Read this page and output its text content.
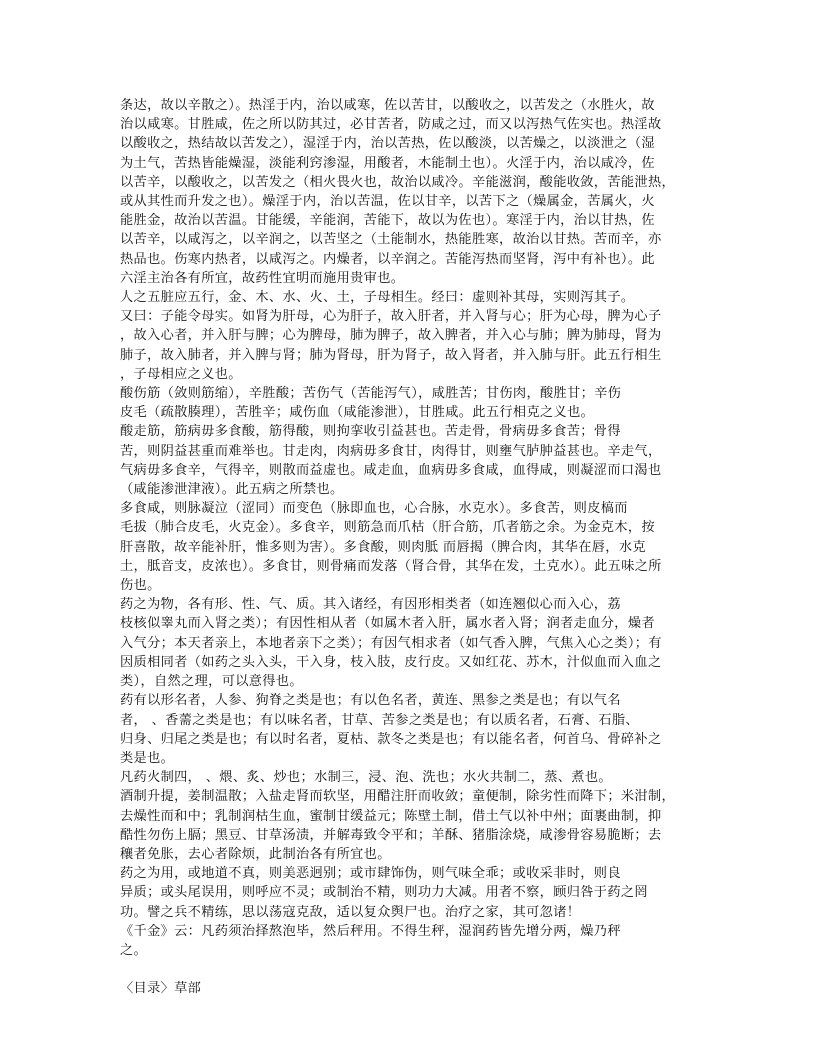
条达，故以辛散之）。热淫于内，治以咸寒，佐以苦甘，以酸收之，以苦发之（水胜火，故
治以咸寒。甘胜咸，佐之所以防其过，必甘苦者，防咸之过，而又以泻热气佐实也。热淫故
以酸收之，热结故以苦发之），湿淫于内，治以苦热，佐以酸淡，以苦燥之，以淡泄之（湿
为土气，苦热皆能燥湿，淡能利窍渗湿，用酸者，木能制土也）。火淫于内，治以咸冷，佐
以苦辛，以酸收之，以苦发之（相火畏火也，故治以咸冷。辛能滋润，酸能收敛，苦能泄热，
或从其性而升发之也）。燥淫于内，治以苦温，佐以甘辛，以苦下之（燥属金，苦属火，火
能胜金，故治以苦温。甘能缓，辛能润，苦能下，故以为佐也）。寒淫于内，治以甘热，佐
以苦辛，以咸泻之，以辛润之，以苦坚之（土能制水，热能胜寒，故治以甘热。苦而辛，亦
热品也。伤寒内热者，以咸泻之。内燥者，以辛润之。苦能泻热而坚肾，泻中有补也）。此
六淫主治各有所宜，故药性宜明而施用贵审也。
人之五脏应五行，金、木、水、火、土，子母相生。经曰：虚则补其母，实则泻其子。
又曰：子能令母实。如肾为肝母，心为肝子，故入肝者，并入肾与心；肝为心母，脾为心子
，故入心者，并入肝与脾；心为脾母，肺为脾子，故入脾者，并入心与肺；脾为肺母，肾为
肺子，故入肺者，并入脾与肾；肺为肾母，肝为肾子，故入肾者，并入肺与肝。此五行相生
，子母相应之义也。
酸伤筋（敛则筋缩），辛胜酸；苦伤气（苦能泻气），咸胜苦；甘伤肉，酸胜甘；辛伤
皮毛（疏散腠理），苦胜辛；咸伤血（咸能渗泄），甘胜咸。此五行相克之义也。
酸走筋，筋病毋多食酸，筋得酸，则拘挛收引益甚也。苦走骨，骨病毋多食苦；骨得
苦，则阴益甚重而难举也。甘走肉，肉病毋多食甘，肉得甘，则壅气胪肿益甚也。辛走气，
气病毋多食辛，气得辛，则散而益虚也。咸走血，血病毋多食咸，血得咸，则凝涩而口渴也
（咸能渗泄津液）。此五病之所禁也。
多食咸，则脉凝泣（涩同）而变色（脉即血也，心合脉，水克水）。多食苦，则皮槁而
毛拔（肺合皮毛，火克金）。多食辛，则筋急而爪枯（肝合筋，爪者筋之余。为金克木，按
肝喜散，故辛能补肝，惟多则为害）。多食酸，则肉胝 而唇揭（脾合肉，其华在唇，水克
土，胝音支，皮浓也）。多食甘，则骨痛而发落（肾合骨，其华在发，土克水）。此五味之所
伤也。
药之为物，各有形、性、气、质。其入诸经，有因形相类者（如连翘似心而入心，荔
枝核似睾丸而入肾之类）；有因性相从者（如属木者入肝，属水者入肾；润者走血分，燥者
入气分；本天者亲上，本地者亲下之类）；有因气相求者（如气香入脾，气焦入心之类）；有
因质相同者（如药之头入头，干入身，枝入肢，皮行皮。又如红花、苏木，汁似血而入血之
类），自然之理，可以意得也。
药有以形名者，人参、狗脊之类是也；有以色名者，黄连、黑参之类是也；有以气名
者， 、香薷之类是也；有以味名者，甘草、苦参之类是也；有以质名者，石膏、石脂、
归身、归尾之类是也；有以时名者，夏枯、款冬之类是也；有以能名者，何首乌、骨碎补之
类是也。
凡药火制四， 、煨、炙、炒也；水制三，浸、泡、洗也；水火共制二，蒸、煮也。
酒制升提，姜制温散；入盐走肾而软坚，用醋注肝而收敛；童便制，除劣性而降下；米泔制，
去燥性而和中；乳制润枯生血，蜜制甘缓益元；陈壁土制，借土气以补中州；面裹曲制，抑
酷性勿伤上膈；黑豆、甘草汤渍，并解毒致令平和；羊酥、猪脂涂烧，咸渗骨容易脆断；去
穰者免胀，去心者除烦，此制治各有所宜也。
药之为用，或地道不真，则美恶迥别；或市肆饰伪，则气味全乖；或收采非时，则良
异质；或头尾误用，则呼应不灵；或制治不精，则功力大减。用者不察，顾归咎于药之罔
功。譬之兵不精练，思以荡寇克敌，适以复众舆尸也。治疗之家，其可忽诸！
《千金》云：凡药须治择熬泡毕，然后秤用。不得生秤，湿润药皆先增分两，燥乃秤
之。
〈目录〉草部
